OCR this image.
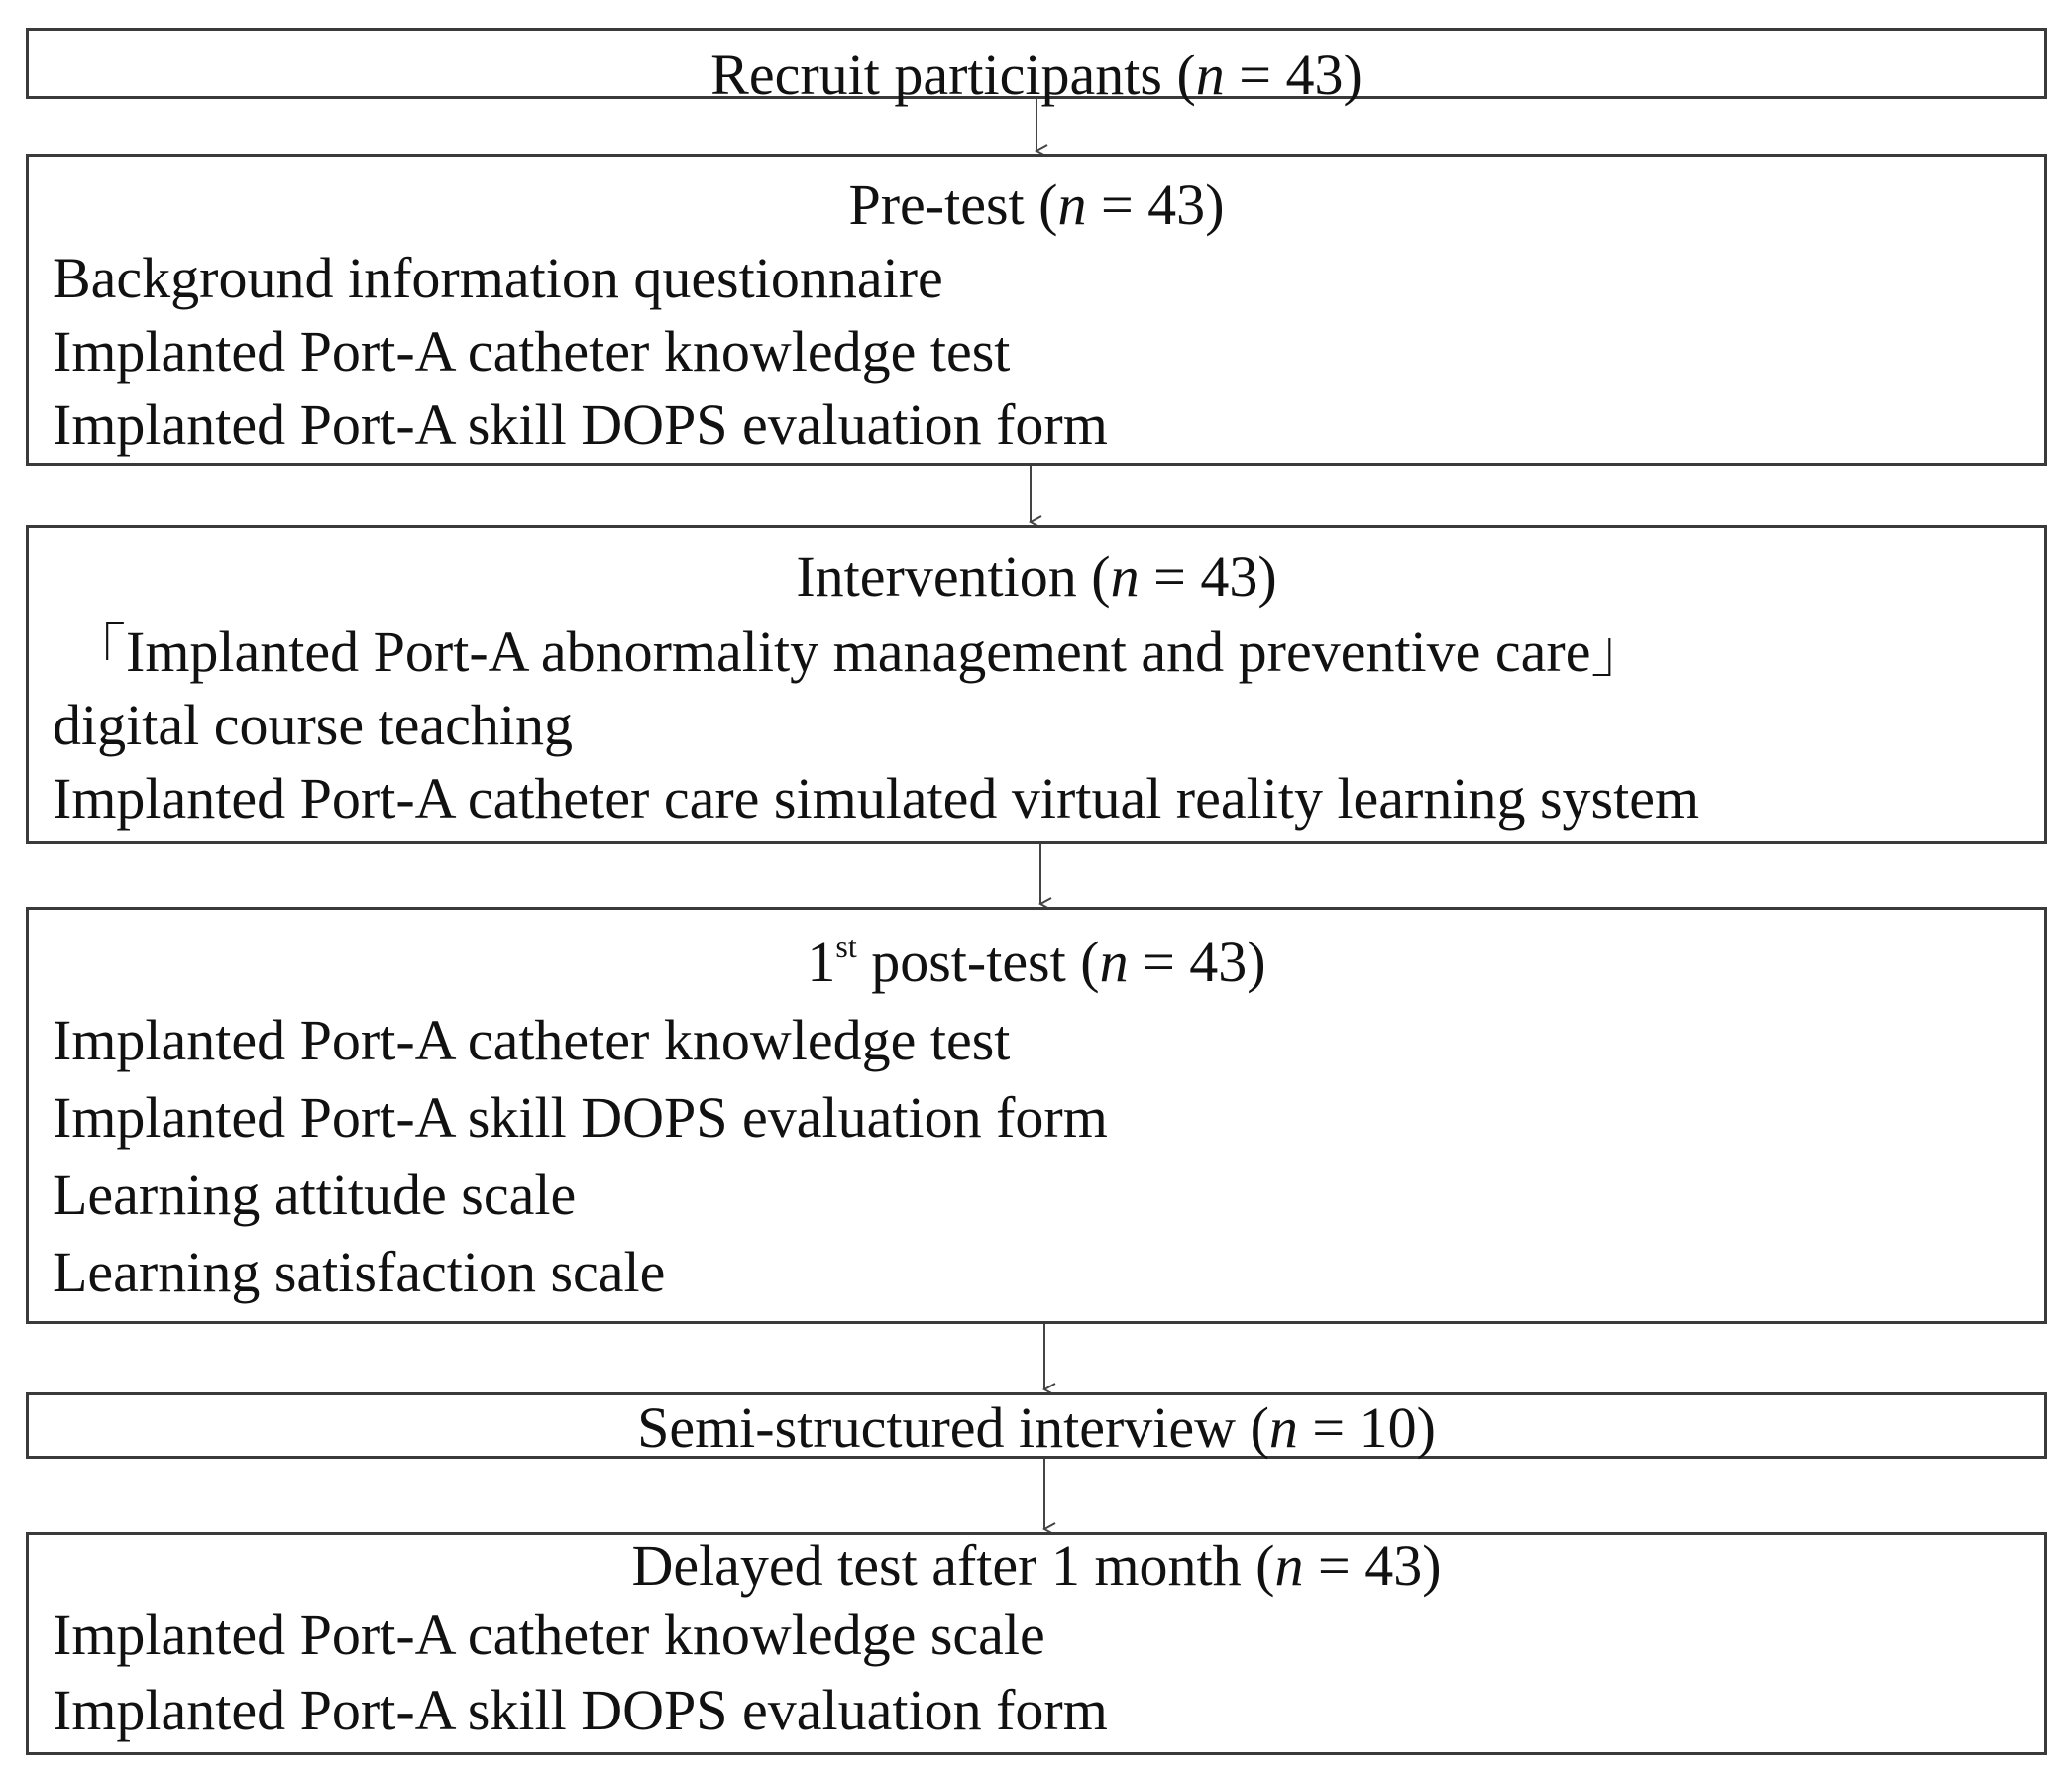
Recruit participants (n = 43)
Pre-test (n = 43)
Background information questionnaire
Implanted Port-A catheter knowledge test
Implanted Port-A skill DOPS evaluation form
Intervention (n = 43)
「Implanted Port-A abnormality management and preventive care」
digital course teaching
Implanted Port-A catheter care simulated virtual reality learning system
1st post-test (n = 43)
Implanted Port-A catheter knowledge test
Implanted Port-A skill DOPS evaluation form
Learning attitude scale
Learning satisfaction scale
Semi-structured interview (n = 10)
Delayed test after 1 month (n = 43)
Implanted Port-A catheter knowledge scale
Implanted Port-A skill DOPS evaluation form
